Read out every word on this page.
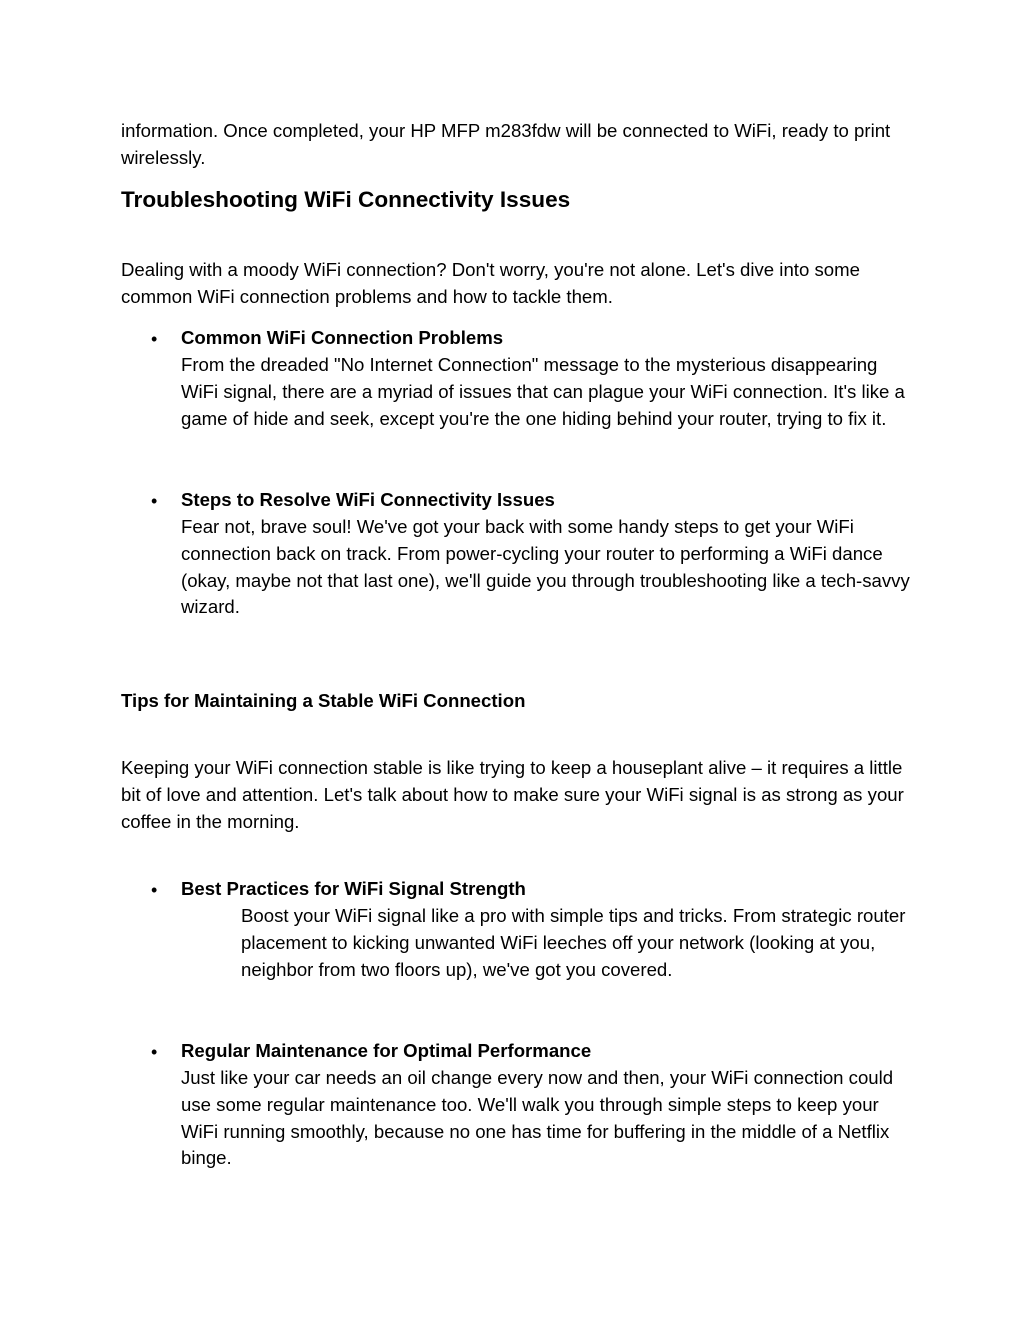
information. Once completed, your HP MFP m283fdw will be connected to WiFi, ready to print wirelessly.

Troubleshooting WiFi Connectivity Issues

Dealing with a moody WiFi connection? Don't worry, you're not alone. Let's dive into some common WiFi connection problems and how to tackle them.

• Common WiFi Connection Problems

From the dreaded "No Internet Connection" message to the mysterious disappearing WiFi signal, there are a myriad of issues that can plague your WiFi connection. It's like a game of hide and seek, except you're the one hiding behind your router, trying to fix it.

• Steps to Resolve WiFi Connectivity Issues

Fear not, brave soul! We've got your back with some handy steps to get your WiFi connection back on track. From power-cycling your router to performing a WiFi dance (okay, maybe not that last one), we'll guide you through troubleshooting like a tech-savvy wizard.

Tips for Maintaining a Stable WiFi Connection

Keeping your WiFi connection stable is like trying to keep a houseplant alive – it requires a little bit of love and attention. Let's talk about how to make sure your WiFi signal is as strong as your coffee in the morning.

• Best Practices for WiFi Signal Strength

Boost your WiFi signal like a pro with simple tips and tricks. From strategic router placement to kicking unwanted WiFi leeches off your network (looking at you, neighbor from two floors up), we've got you covered.

• Regular Maintenance for Optimal Performance

Just like your car needs an oil change every now and then, your WiFi connection could use some regular maintenance too. We'll walk you through simple steps to keep your WiFi running smoothly, because no one has time for buffering in the middle of a Netflix binge.
